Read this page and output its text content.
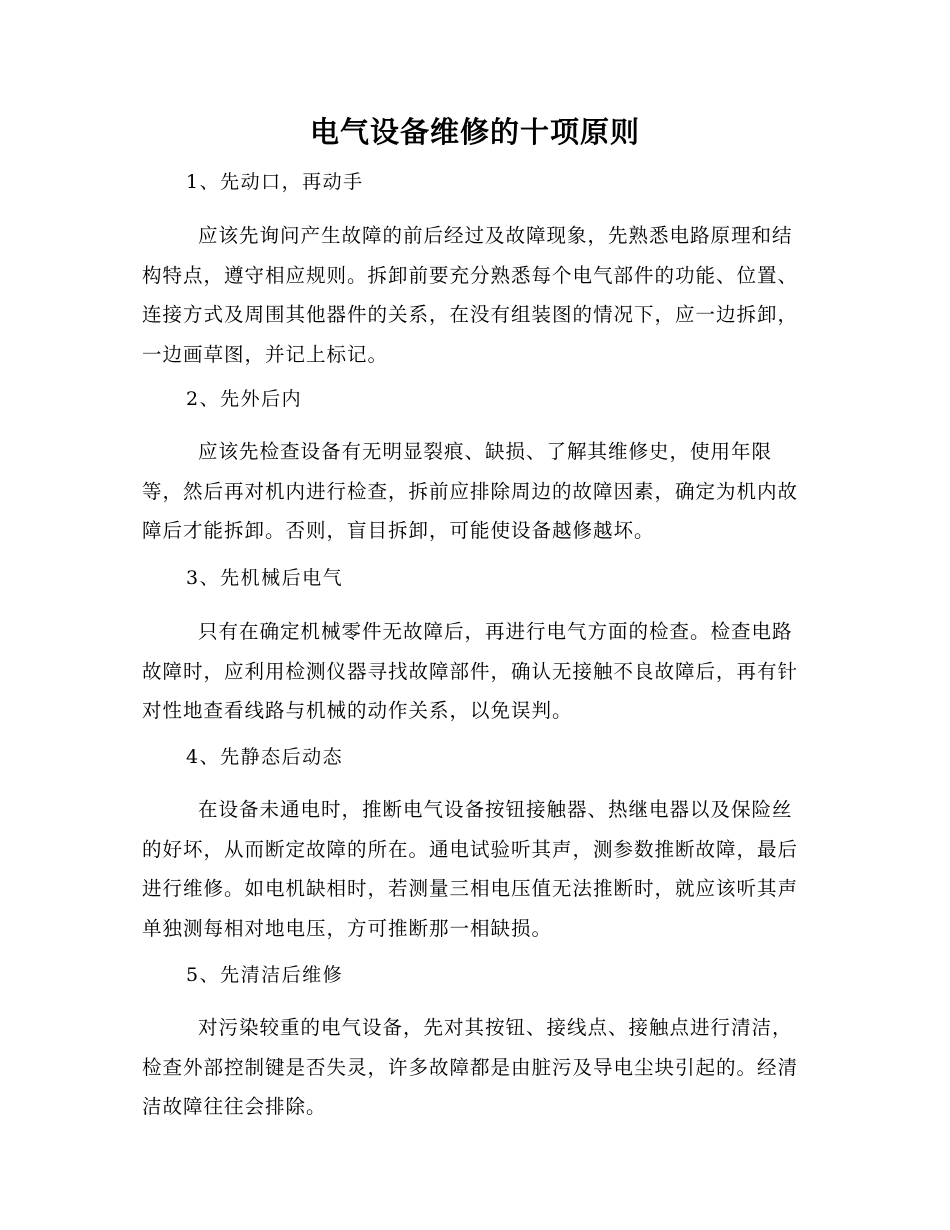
电气设备维修的十项原则
1、先动口，再动手
应该先询问产生故障的前后经过及故障现象，先熟悉电路原理和结构特点，遵守相应规则。拆卸前要充分熟悉每个电气部件的功能、位置、连接方式及周围其他器件的关系，在没有组装图的情况下，应一边拆卸，一边画草图，并记上标记。
2、先外后内
应该先检查设备有无明显裂痕、缺损、了解其维修史，使用年限等，然后再对机内进行检查，拆前应排除周边的故障因素，确定为机内故障后才能拆卸。否则，盲目拆卸，可能使设备越修越坏。
3、先机械后电气
只有在确定机械零件无故障后，再进行电气方面的检查。检查电路故障时，应利用检测仪器寻找故障部件，确认无接触不良故障后，再有针对性地查看线路与机械的动作关系，以免误判。
4、先静态后动态
在设备未通电时，推断电气设备按钮接触器、热继电器以及保险丝的好坏，从而断定故障的所在。通电试验听其声，测参数推断故障，最后进行维修。如电机缺相时，若测量三相电压值无法推断时，就应该听其声单独测每相对地电压，方可推断那一相缺损。
5、先清洁后维修
对污染较重的电气设备，先对其按钮、接线点、接触点进行清洁，检查外部控制键是否失灵，许多故障都是由脏污及导电尘块引起的。经清洁故障往往会排除。
